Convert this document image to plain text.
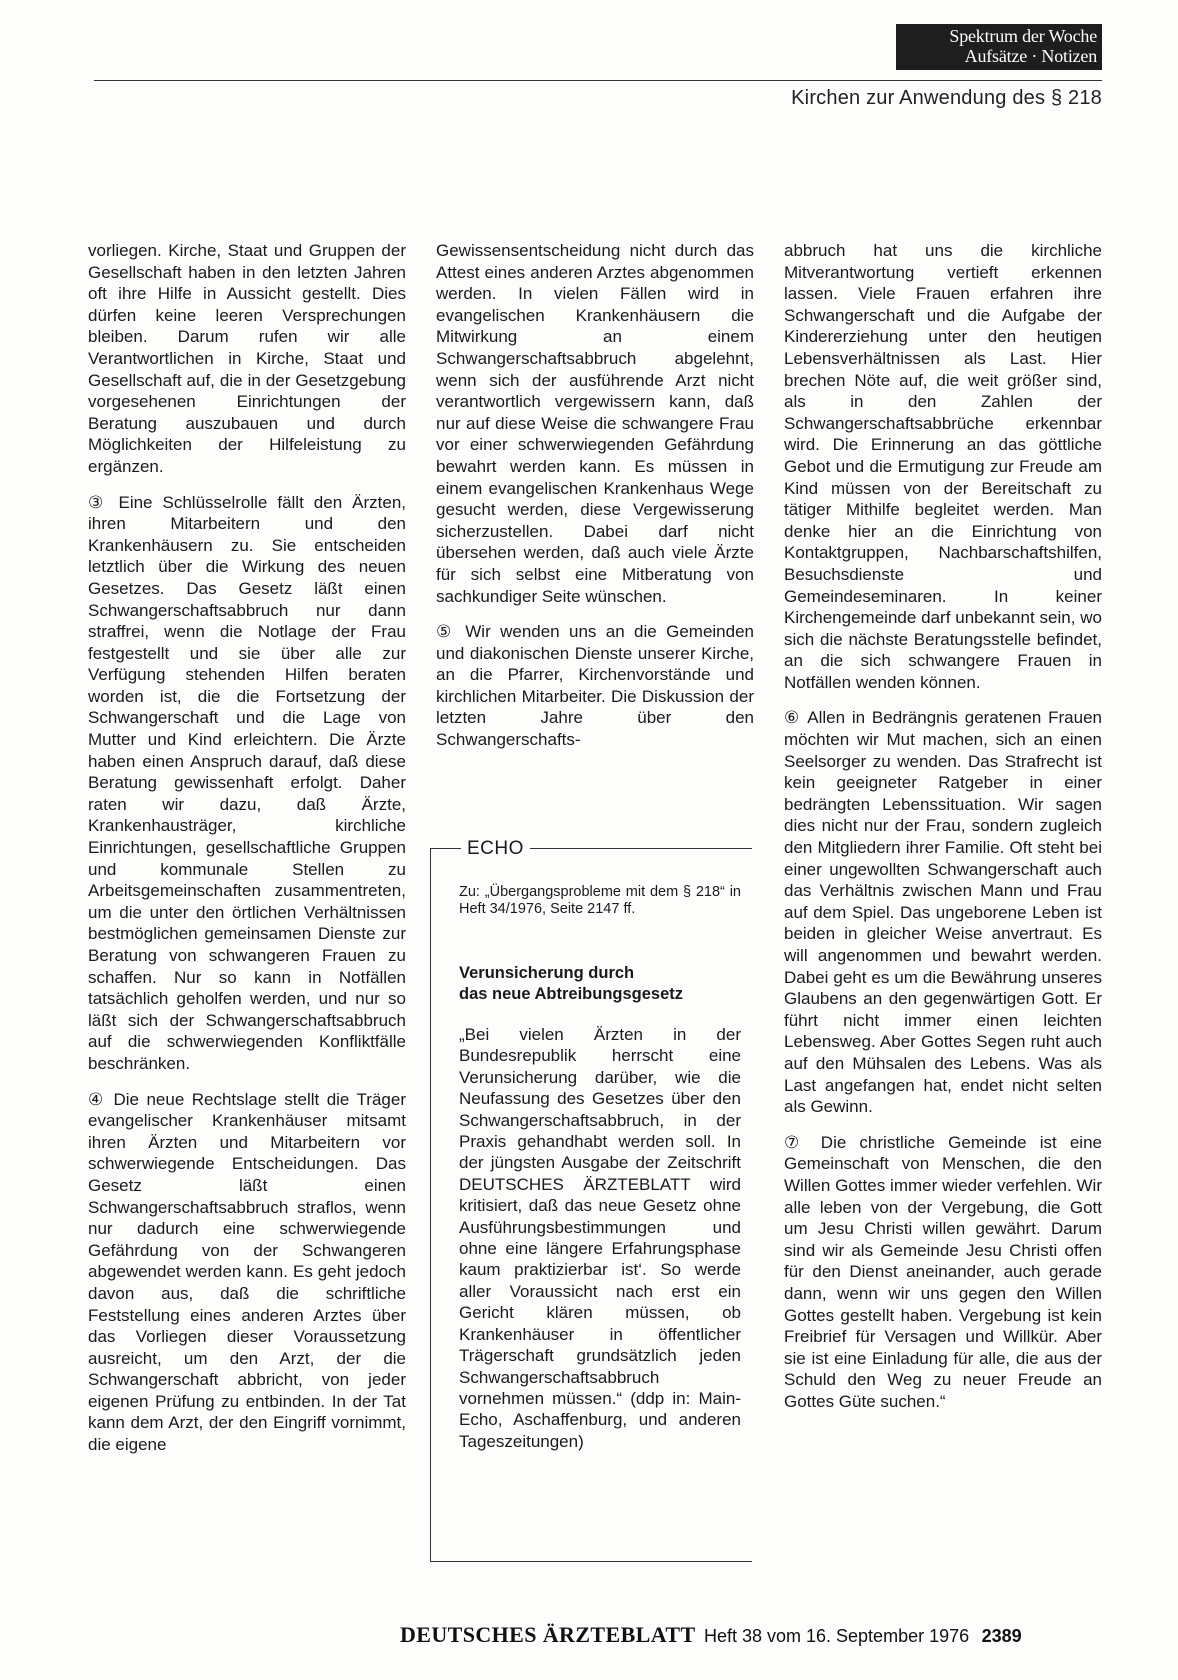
Spektrum der Woche
Aufsätze · Notizen
Kirchen zur Anwendung des § 218

vorliegen. Kirche, Staat und Gruppen der Gesellschaft haben in den letzten Jahren oft ihre Hilfe in Aussicht gestellt. Dies dürfen keine leeren Versprechungen bleiben. Darum rufen wir alle Verantwortlichen in Kirche, Staat und Gesellschaft auf, die in der Gesetzgebung vorgesehenen Einrichtungen der Beratung auszubauen und durch Möglichkeiten der Hilfeleistung zu ergänzen.

③ Eine Schlüsselrolle fällt den Ärzten, ihren Mitarbeitern und den Krankenhäusern zu. Sie entscheiden letztlich über die Wirkung des neuen Gesetzes. Das Gesetz läßt einen Schwangerschaftsabbruch nur dann straffrei, wenn die Notlage der Frau festgestellt und sie über alle zur Verfügung stehenden Hilfen beraten worden ist, die die Fortsetzung der Schwangerschaft und die Lage von Mutter und Kind erleichtern. Die Ärzte haben einen Anspruch darauf, daß diese Beratung gewissenhaft erfolgt. Daher raten wir dazu, daß Ärzte, Krankenhausträger, kirchliche Einrichtungen, gesellschaftliche Gruppen und kommunale Stellen zu Arbeitsgemeinschaften zusammentreten, um die unter den örtlichen Verhältnissen bestmöglichen gemeinsamen Dienste zur Beratung von schwangeren Frauen zu schaffen. Nur so kann in Notfällen tatsächlich geholfen werden, und nur so läßt sich der Schwangerschaftsabbruch auf die schwerwiegenden Konfliktfälle beschränken.

④ Die neue Rechtslage stellt die Träger evangelischer Krankenhäuser mitsamt ihren Ärzten und Mitarbeitern vor schwerwiegende Entscheidungen. Das Gesetz läßt einen Schwangerschaftsabbruch straflos, wenn nur dadurch eine schwerwiegende Gefährdung von der Schwangeren abgewendet werden kann. Es geht jedoch davon aus, daß die schriftliche Feststellung eines anderen Arztes über das Vorliegen dieser Voraussetzung ausreicht, um den Arzt, der die Schwangerschaft abbricht, von jeder eigenen Prüfung zu entbinden. In der Tat kann dem Arzt, der den Eingriff vornimmt, die eigene

Gewissensentscheidung nicht durch das Attest eines anderen Arztes abgenommen werden. In vielen Fällen wird in evangelischen Krankenhäusern die Mitwirkung an einem Schwangerschaftsabbruch abgelehnt, wenn sich der ausführende Arzt nicht verantwortlich vergewissern kann, daß nur auf diese Weise die schwangere Frau vor einer schwerwiegenden Gefährdung bewahrt werden kann. Es müssen in einem evangelischen Krankenhaus Wege gesucht werden, diese Vergewisserung sicherzustellen. Dabei darf nicht übersehen werden, daß auch viele Ärzte für sich selbst eine Mitberatung von sachkundiger Seite wünschen.

⑤ Wir wenden uns an die Gemeinden und diakonischen Dienste unserer Kirche, an die Pfarrer, Kirchenvorstände und kirchlichen Mitarbeiter. Die Diskussion der letzten Jahre über den Schwangerschafts-

ECHO
Zu: „Übergangsprobleme mit dem § 218“ in Heft 34/1976, Seite 2147 ff.
Verunsicherung durch
das neue Abtreibungsgesetz
„Bei vielen Ärzten in der Bundesrepublik herrscht eine Verunsicherung darüber, wie die Neufassung des Gesetzes über den Schwangerschaftsabbruch, in der Praxis gehandhabt werden soll. In der jüngsten Ausgabe der Zeitschrift DEUTSCHES ÄRZTEBLATT wird kritisiert, daß das neue Gesetz ohne Ausführungsbestimmungen und ohne eine längere Erfahrungsphase kaum praktizierbar ist‘. So werde aller Voraussicht nach erst ein Gericht klären müssen, ob Krankenhäuser in öffentlicher Trägerschaft grundsätzlich jeden Schwangerschaftsabbruch vornehmen müssen.“ (ddp in: Main-Echo, Aschaffenburg, und anderen Tageszeitungen)

abbruch hat uns die kirchliche Mitverantwortung vertieft erkennen lassen. Viele Frauen erfahren ihre Schwangerschaft und die Aufgabe der Kindererziehung unter den heutigen Lebensverhältnissen als Last. Hier brechen Nöte auf, die weit größer sind, als in den Zahlen der Schwangerschaftsabbrüche erkennbar wird. Die Erinnerung an das göttliche Gebot und die Ermutigung zur Freude am Kind müssen von der Bereitschaft zu tätiger Mithilfe begleitet werden. Man denke hier an die Einrichtung von Kontaktgruppen, Nachbarschaftshilfen, Besuchsdienste und Gemeindeseminaren. In keiner Kirchengemeinde darf unbekannt sein, wo sich die nächste Beratungsstelle befindet, an die sich schwangere Frauen in Notfällen wenden können.

⑥ Allen in Bedrängnis geratenen Frauen möchten wir Mut machen, sich an einen Seelsorger zu wenden. Das Strafrecht ist kein geeigneter Ratgeber in einer bedrängten Lebenssituation. Wir sagen dies nicht nur der Frau, sondern zugleich den Mitgliedern ihrer Familie. Oft steht bei einer ungewollten Schwangerschaft auch das Verhältnis zwischen Mann und Frau auf dem Spiel. Das ungeborene Leben ist beiden in gleicher Weise anvertraut. Es will angenommen und bewahrt werden. Dabei geht es um die Bewährung unseres Glaubens an den gegenwärtigen Gott. Er führt nicht immer einen leichten Lebensweg. Aber Gottes Segen ruht auch auf den Mühsalen des Lebens. Was als Last angefangen hat, endet nicht selten als Gewinn.

⑦ Die christliche Gemeinde ist eine Gemeinschaft von Menschen, die den Willen Gottes immer wieder verfehlen. Wir alle leben von der Vergebung, die Gott um Jesu Christi willen gewährt. Darum sind wir als Gemeinde Jesu Christi offen für den Dienst aneinander, auch gerade dann, wenn wir uns gegen den Willen Gottes gestellt haben. Vergebung ist kein Freibrief für Versagen und Willkür. Aber sie ist eine Einladung für alle, die aus der Schuld den Weg zu neuer Freude an Gottes Güte suchen.“

DEUTSCHES ÄRZTEBLATT Heft 38 vom 16. September 1976 2389
